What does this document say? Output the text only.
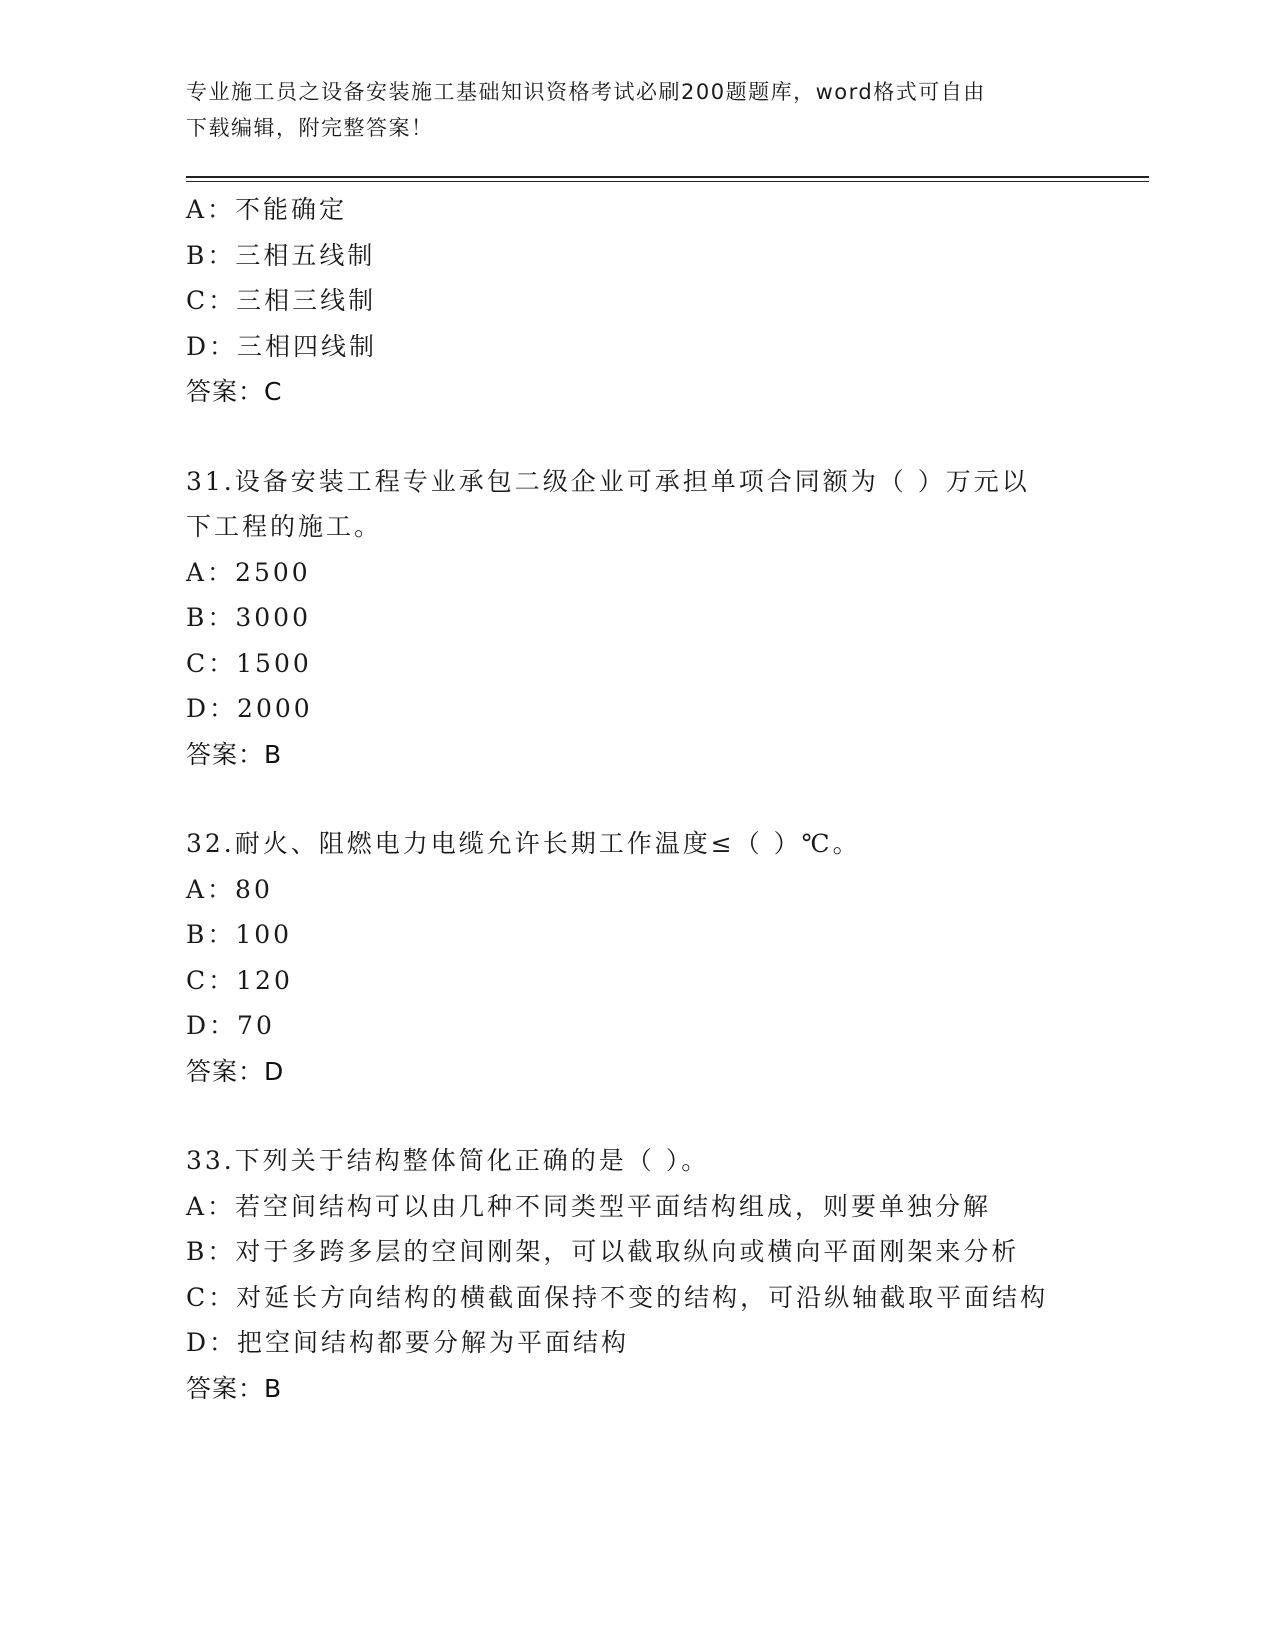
专业施工员之设备安装施工基础知识资格考试必刷200题题库，word格式可自由
下载编辑，附完整答案！
A：不能确定
B：三相五线制
C：三相三线制
D：三相四线制
答案：C
31.设备安装工程专业承包二级企业可承担单项合同额为（ ）万元以
下工程的施工。
A：2500
B：3000
C：1500
D：2000
答案：B
32.耐火、阻燃电力电缆允许长期工作温度≤（ ）℃。
A：80
B：100
C：120
D：70
答案：D
33.下列关于结构整体简化正确的是（ ）。
A：若空间结构可以由几种不同类型平面结构组成，则要单独分解
B：对于多跨多层的空间刚架，可以截取纵向或横向平面刚架来分析
C：对延长方向结构的横截面保持不变的结构，可沿纵轴截取平面结构
D：把空间结构都要分解为平面结构
答案：B
